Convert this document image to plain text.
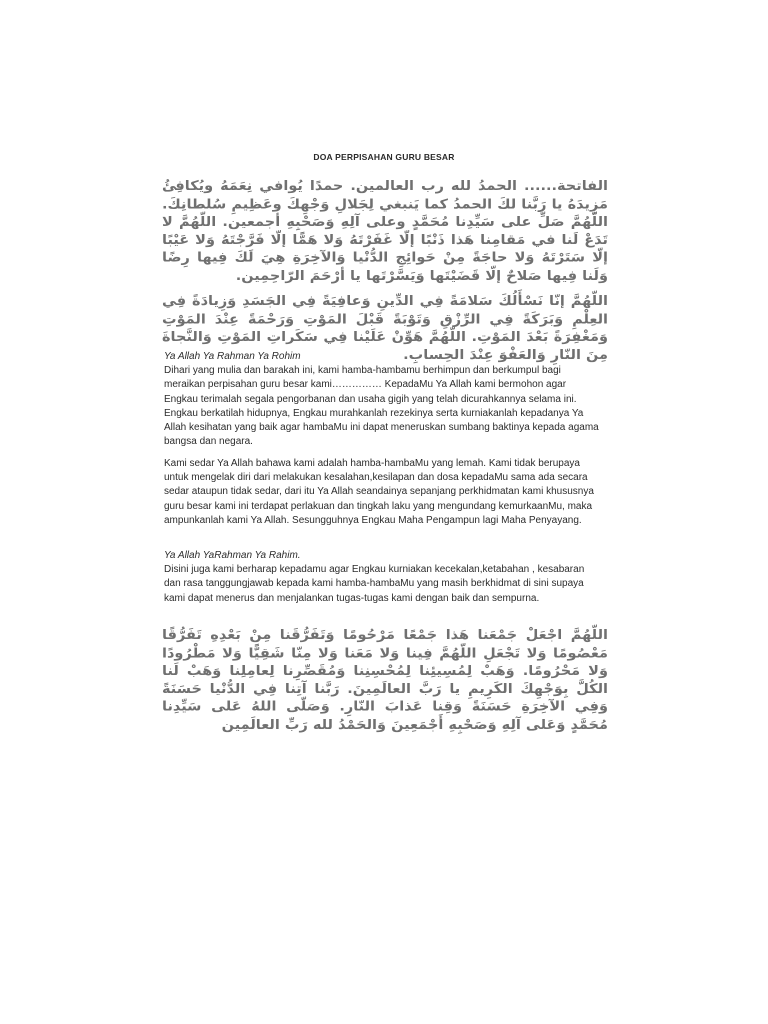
DOA PERPISAHAN GURU BESAR
الفاتحة...... الحمدُ لله رب العالمين. حمدًا يُوافي نِعَمَهُ ويُكافِئُ مَزِيدَهُ يا رَبَّنا لكَ الحمدُ كما يَنبغي لِجَلالِ وَجْهِكَ وعَظِيمِ سُلطانِكَ. اللّهُمَّ صَلِّ على سَيِّدِنا مُحَمَّدٍ وعلى آلِهِ وَصَحْبِهِ أجمعين. اللّهُمَّ لا تَدَعْ لَنا في مَقامِنا هَذا ذَنْبًا إلّا غَفَرْتَهُ وَلا هَمًّا إلّا فَرَّجْتَهُ وَلا عَيْبًا إلّا سَتَرْتَهُ وَلا حاجَةً مِنْ حَوائِجِ الدُّنْيا وَالآخِرَةِ هِيَ لَكَ فِيها رِضًا وَلَنا فِيها صَلاحٌ إلّا قَضَيْتَها وَيَسَّرْتَها يا أرْحَمَ الرّاحِمِين.
اللّهُمَّ إنّا نَسْأَلُكَ سَلامَةً فِي الدِّينِ وَعافِيَةً فِي الجَسَدِ وَزِيادَةً فِي العِلْمِ وَبَرَكَةً فِي الرِّزْقِ وَتَوْبَةً قَبْلَ المَوْتِ وَرَحْمَةً عِنْدَ المَوْتِ وَمَغْفِرَةً بَعْدَ المَوْتِ. اللّهُمَّ هَوِّنْ عَلَيْنا فِي سَكَراتِ المَوْتِ وَالنَّجاةَ مِنَ النّارِ وَالعَفْوَ عِنْدَ الحِسابِ.

Ya Allah Ya Rahman Ya Rohim

Dihari yang mulia dan barakah ini, kami hamba-hambamu berhimpun dan berkumpul bagi meraikan perpisahan guru besar kami…………… KepadaMu Ya Allah kami bermohon agar Engkau terimalah segala pengorbanan dan usaha gigih yang telah dicurahkannya selama ini. Engkau berkatilah hidupnya, Engkau murahkanlah rezekinya serta kurniakanlah kepadanya Ya Allah kesihatan yang baik agar hambaMu ini dapat meneruskan sumbang baktinya kepada agama bangsa dan negara.

Kami sedar Ya Allah bahawa kami adalah hamba-hambaMu yang lemah. Kami tidak berupaya untuk mengelak diri dari melakukan kesalahan,kesilapan dan dosa kepadaMu sama ada secara sedar ataupun tidak sedar, dari itu Ya Allah seandainya sepanjang perkhidmatan kami khususnya guru besar kami ini terdapat perlakuan dan tingkah laku yang mengundang kemurkaanMu, maka ampunkanlah kami Ya Allah. Sesungguhnya Engkau Maha Pengampun lagi Maha Penyayang.

Ya Allah YaRahman Ya Rahim.

Disini juga kami berharap kepadamu agar Engkau kurniakan kecekalan,ketabahan , kesabaran dan rasa tanggungjawab kepada kami hamba-hambaMu yang masih berkhidmat di sini supaya kami dapat menerus dan menjalankan tugas-tugas kami dengan baik dan sempurna.

اللّهُمَّ اجْعَلْ جَمْعَنا هَذا جَمْعًا مَرْحُومًا وَتَفَرُّقَنا مِنْ بَعْدِهِ تَفَرُّقًا مَعْصُومًا وَلا تَجْعَلِ اللّهُمَّ فِينا وَلا مَعَنا وَلا مِنّا شَقِيًّا وَلا مَطْرُودًا وَلا مَحْرُومًا. وَهَبْ لِمُسِيئِنا لِمُحْسِنِنا وَمُقَصِّرِنا لِعامِلِنا وَهَبْ لَنا الكُلَّ بِوَجْهِكَ الكَرِيمِ يا رَبَّ العالَمِينَ. رَبَّنا آتِنا فِي الدُّنْيا حَسَنَةً وَفِي الآخِرَةِ حَسَنَةً وَقِنا عَذابَ النّارِ. وَصَلّى اللهُ عَلى سَيِّدِنا مُحَمَّدٍ وَعَلى آلِهِ وَصَحْبِهِ أَجْمَعِينَ وَالحَمْدُ لله رَبِّ العالَمِين
